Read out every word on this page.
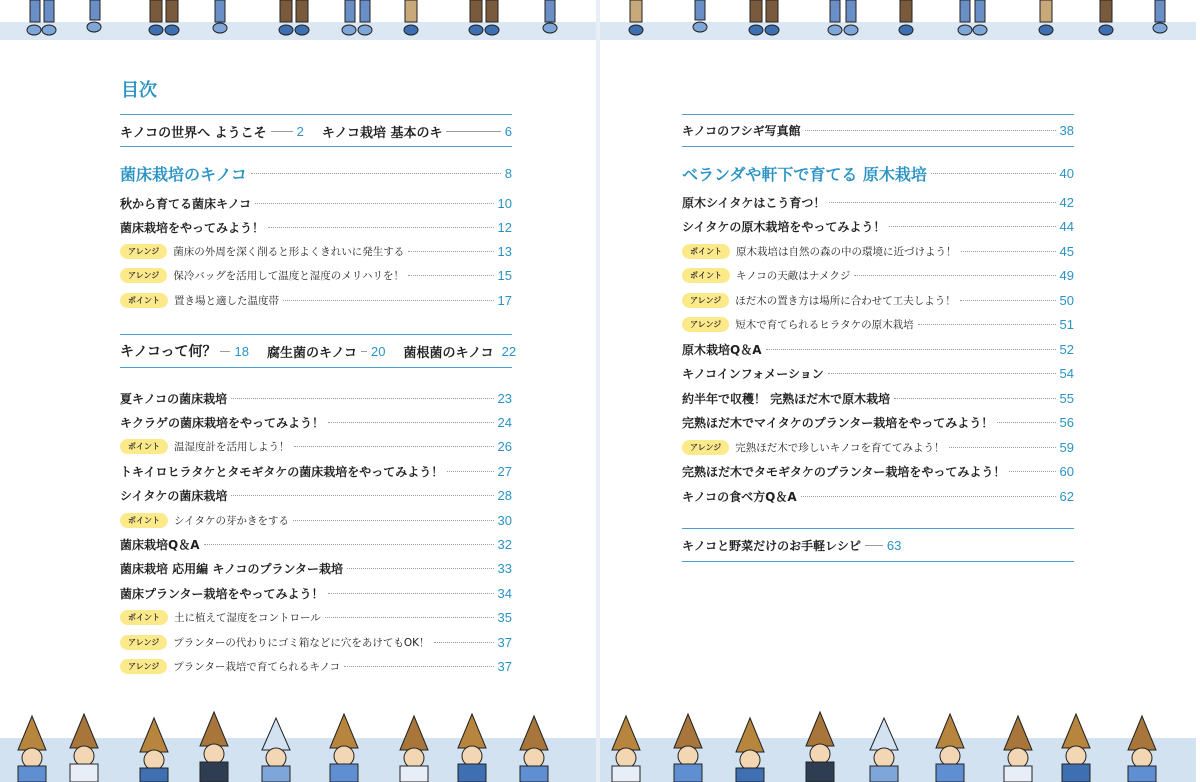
目次
キノコの世界へ ようこそ 2 キノコ栽培 基本のキ	6
菌床栽培のキノコ	8
秋から育てる菌床キノコ	10
菌床栽培をやってみよう！	12
アレンジ	菌床の外周を深く削ると形よくきれいに発生する	13
アレンジ	保冷バッグを活用して温度と湿度のメリハリを！	15
ポイント	置き場と適した温度帯	17
キノコって何？ 18 腐生菌のキノコ 20 菌根菌のキノコ 22
夏キノコの菌床栽培	23
キクラゲの菌床栽培をやってみよう！	24
ポイント	温湿度計を活用しよう！	26
トキイロヒラタケとタモギタケの菌床栽培をやってみよう！	27
シイタケの菌床栽培	28
ポイント	シイタケの芽かきをする	30
菌床栽培Q＆A	32
菌床栽培 応用編 キノコのプランター栽培	33
菌床プランター栽培をやってみよう！	34
ポイント	土に植えて湿度をコントロール	35
アレンジ	プランターの代わりにゴミ箱などに穴をあけてもOK！	37
アレンジ	プランター栽培で育てられるキノコ	37
キノコのフシギ写真館	38
ベランダや軒下で育てる 原木栽培	40
原木シイタケはこう育つ！	42
シイタケの原木栽培をやってみよう！	44
ポイント	原木栽培は自然の森の中の環境に近づけよう！	45
ポイント	キノコの天敵はナメクジ	49
アレンジ	ほだ木の置き方は場所に合わせて工夫しよう！	50
アレンジ	短木で育てられるヒラタケの原木栽培	51
原木栽培Q＆A	52
キノコインフォメーション	54
約半年で収穫！ 完熟ほだ木で原木栽培	55
完熟ほだ木でマイタケのプランター栽培をやってみよう！	56
アレンジ	完熟ほだ木で珍しいキノコを育ててみよう！	59
完熟ほだ木でタモギタケのプランター栽培をやってみよう！	60
キノコの食べ方Q＆A	62
キノコと野菜だけのお手軽レシピ 63
